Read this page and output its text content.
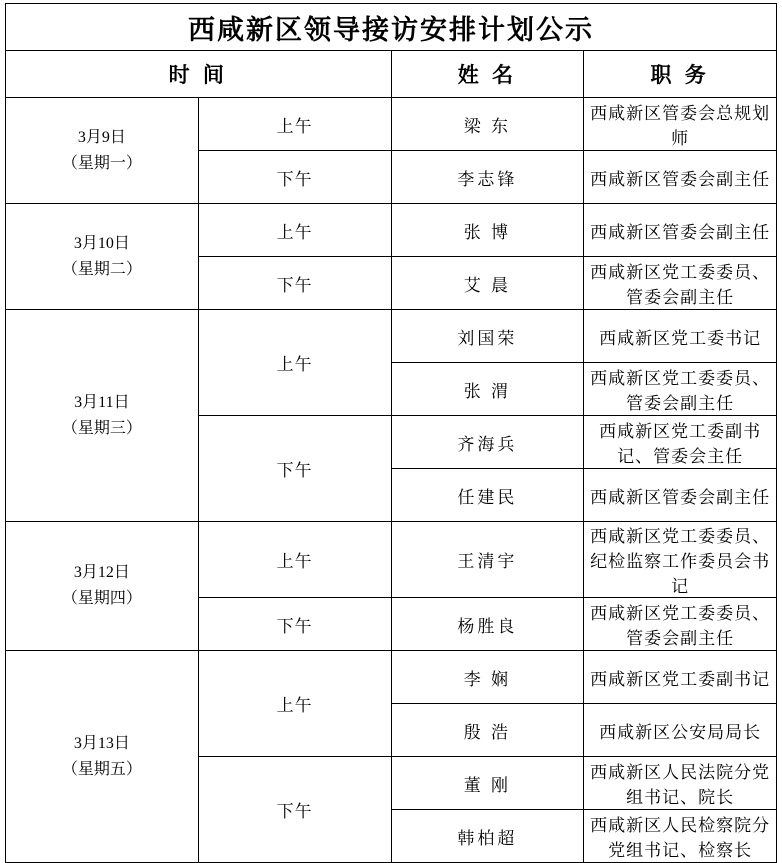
西咸新区领导接访安排计划公示			
时 间		姓 名	职 务

3月9日
（星期一）	上午	梁 东	西咸新区管委会总规划师
	下午	李志锋	西咸新区管委会副主任

3月10日
（星期二）	上午	张 博	西咸新区管委会副主任
	下午	艾 晨	西咸新区党工委委员、管委会副主任

3月11日
（星期三）	上午	刘国荣	西咸新区党工委书记
		张 渭	西咸新区党工委委员、管委会副主任
	下午	齐海兵	西咸新区党工委副书记、管委会主任
		任建民	西咸新区管委会副主任

3月12日
（星期四）	上午	王清宇	西咸新区党工委委员、纪检监察工作委员会书记
	下午	杨胜良	西咸新区党工委委员、管委会副主任

3月13日
（星期五）	上午	李 娴	西咸新区党工委副书记
		殷 浩	西咸新区公安局局长
	下午	董 刚	西咸新区人民法院分党组书记、院长
		韩柏超	西咸新区人民检察院分党组书记、检察长
